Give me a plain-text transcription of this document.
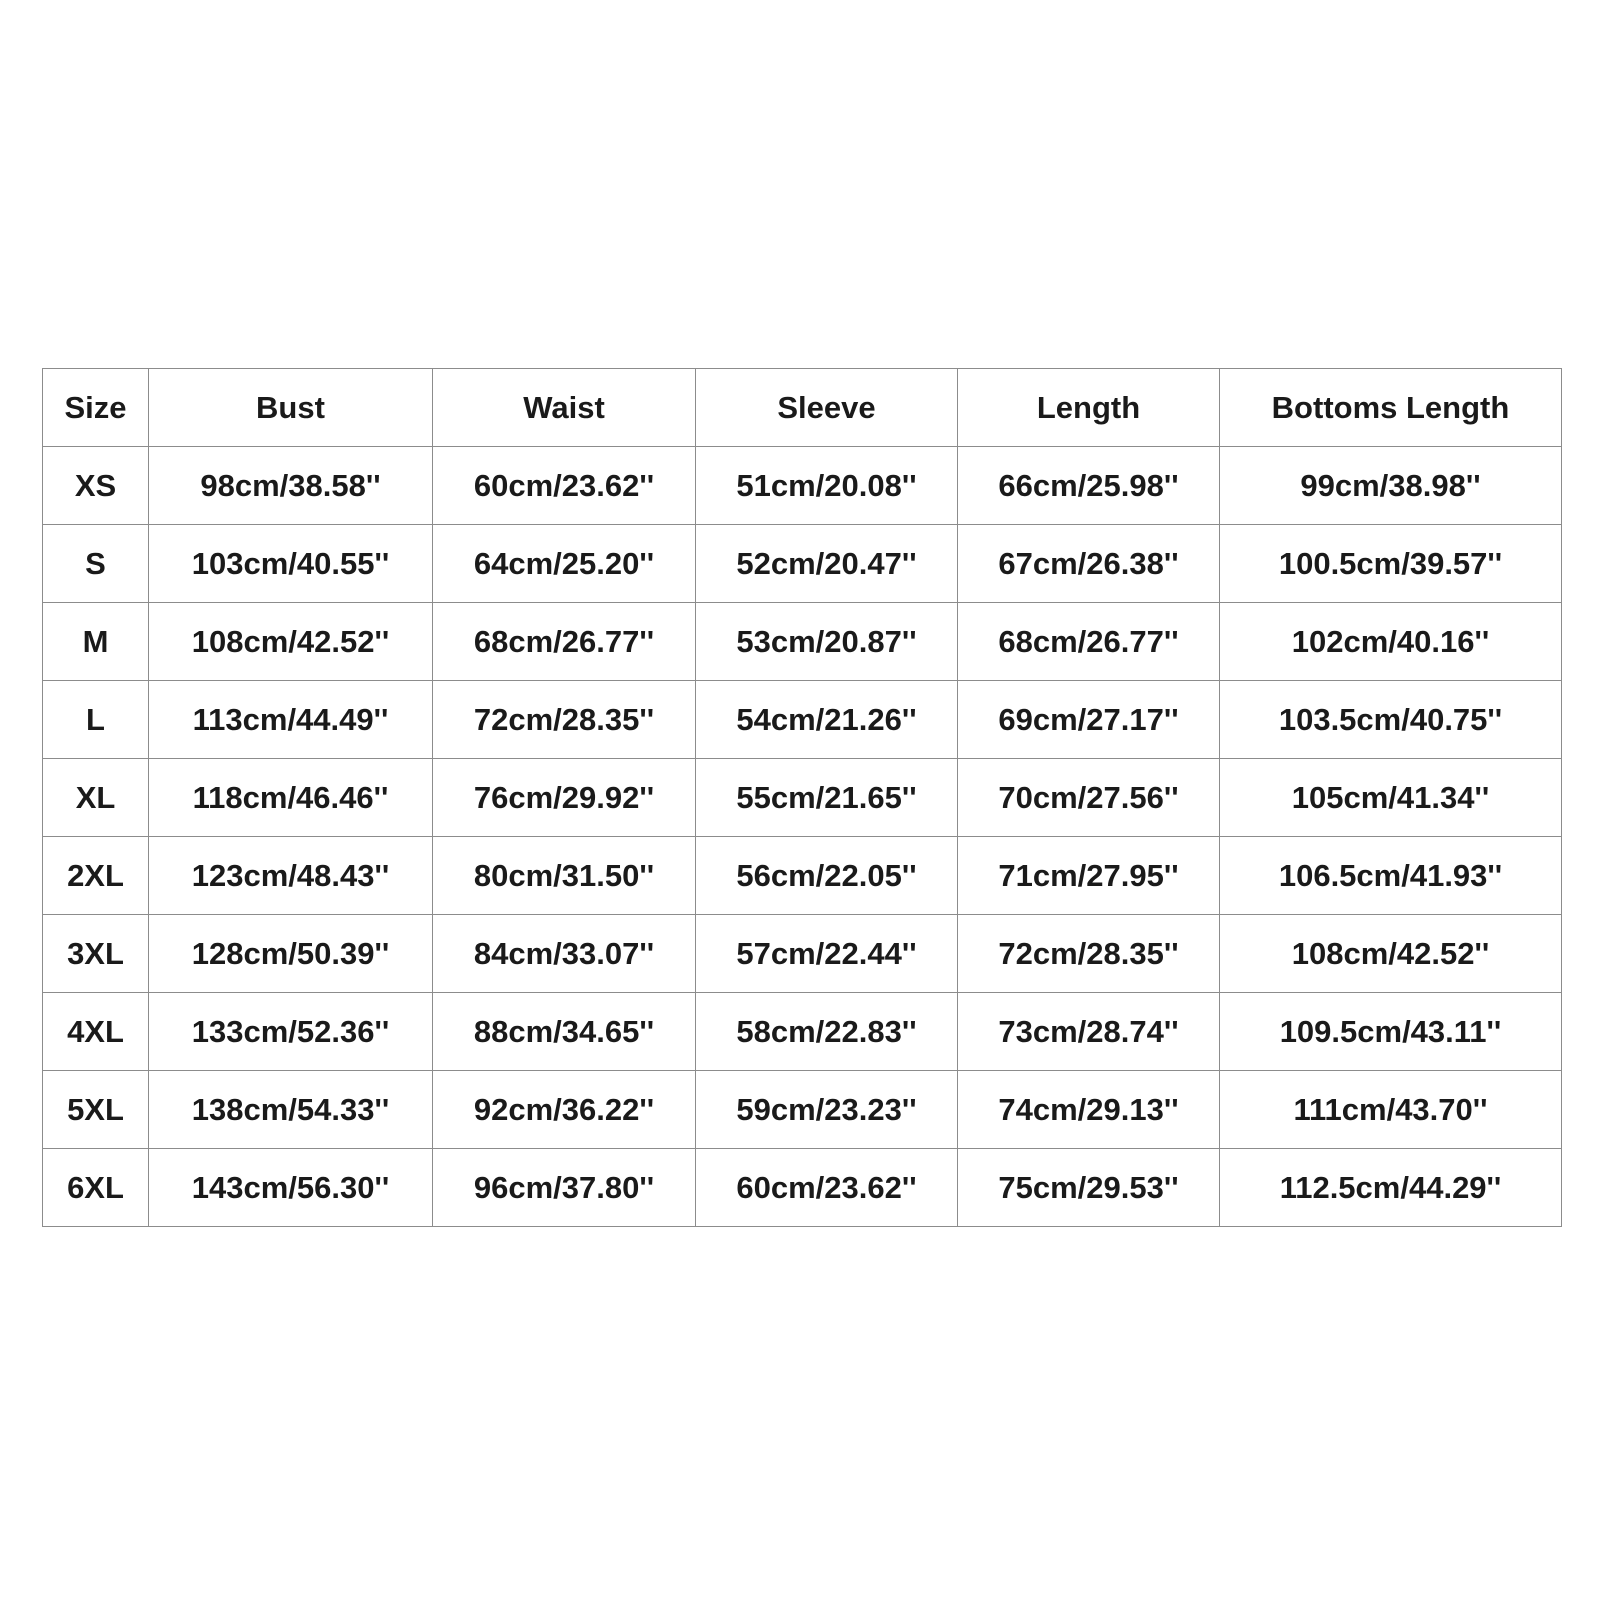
Size	Bust	Waist	Sleeve	Length	Bottoms Length
XS	98cm/38.58''	60cm/23.62''	51cm/20.08''	66cm/25.98''	99cm/38.98''
S	103cm/40.55''	64cm/25.20''	52cm/20.47''	67cm/26.38''	100.5cm/39.57''
M	108cm/42.52''	68cm/26.77''	53cm/20.87''	68cm/26.77''	102cm/40.16''
L	113cm/44.49''	72cm/28.35''	54cm/21.26''	69cm/27.17''	103.5cm/40.75''
XL	118cm/46.46''	76cm/29.92''	55cm/21.65''	70cm/27.56''	105cm/41.34''
2XL	123cm/48.43''	80cm/31.50''	56cm/22.05''	71cm/27.95''	106.5cm/41.93''
3XL	128cm/50.39''	84cm/33.07''	57cm/22.44''	72cm/28.35''	108cm/42.52''
4XL	133cm/52.36''	88cm/34.65''	58cm/22.83''	73cm/28.74''	109.5cm/43.11''
5XL	138cm/54.33''	92cm/36.22''	59cm/23.23''	74cm/29.13''	111cm/43.70''
6XL	143cm/56.30''	96cm/37.80''	60cm/23.62''	75cm/29.53''	112.5cm/44.29''
